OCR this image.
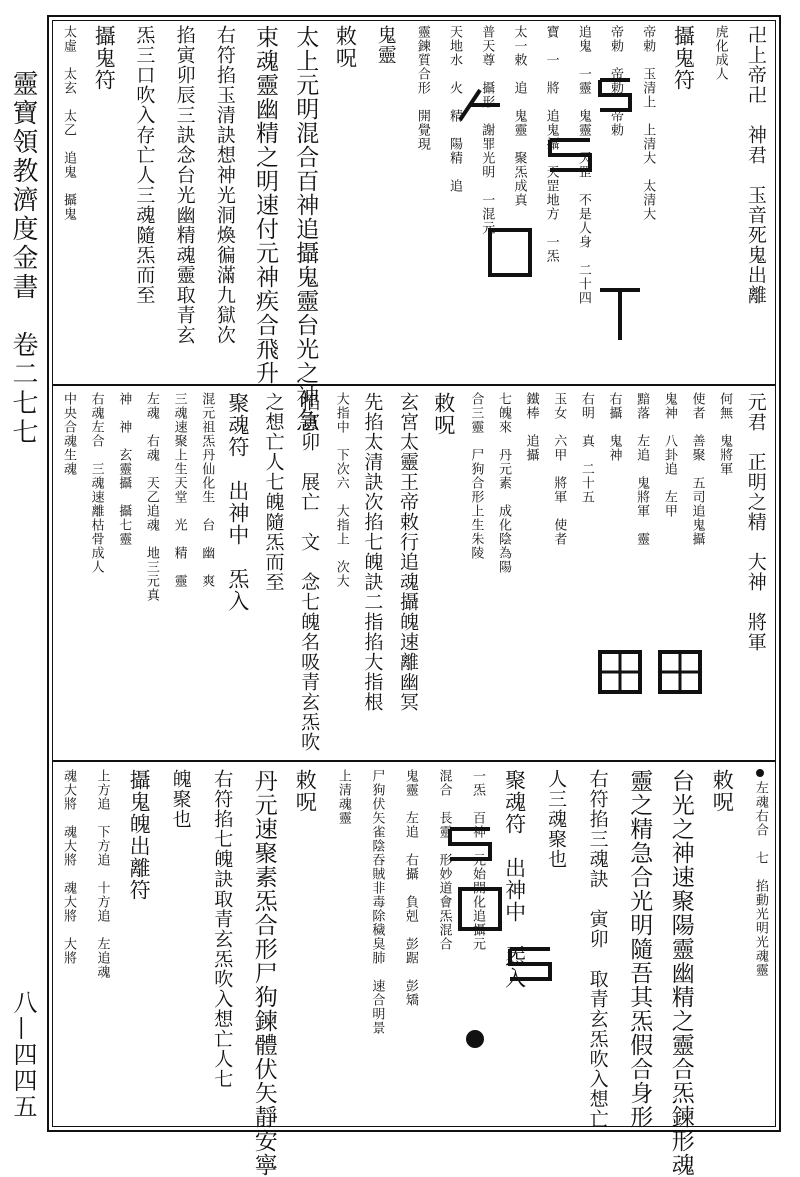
靈寶領教濟度金書　卷二七七
八—四四五
卍上帝卍　神君　玉音死鬼出離
虎化成人
攝鬼符
帝勅　玉清上　上清大　太清大
帝勅　帝勅　帝勅
追鬼　一靈　鬼靈　天罡　不是人身　二十四
寶　一　將　追鬼攝　天罡地方　一炁
太一敕　追　鬼靈　聚炁成真
普天尊　攝形　謝罪光明　一混元
天地水　火　精　陽精　追
靈鍊質合形　開覺現
鬼靈
敕呪
太上元明混合百神追攝鬼靈台光之神急
束魂靈幽精之明速付元神疾合飛升
右符掐玉清訣想神光洞煥徧滿九獄次
掐寅卯辰三訣念台光幽精魂靈取青玄
炁三口吹入存亡人三魂隨炁而至
攝鬼符
太虛　太玄　太乙　追鬼　攝鬼
元君　正明之精　大神　將軍
何無　鬼將軍
使者　善聚　五司追鬼攝
鬼神　八卦追　左甲
黯落　左追　鬼將軍　靈
右攝　鬼神
右明　真　二十五
玉女　六甲　將軍　使者
鐵棒　追攝
七魄來　丹元素　成化陰為陽
合三靈　尸狗合形上生朱陵
敕呪
玄宮太靈王帝敕行追魂攝魄速離幽冥
先掐太清訣次掐七魄訣二指掐大指根
大指中　下次六　大指上　次大
掐寅卯　展亡　文　念七魄名吸青玄炁吹
之想亡人七魄隨炁而至
聚魂符　出神中　炁入
混元祖炁丹仙化生　台　幽　爽
三魂速聚上生天堂　光　精　靈
左魂　右魂　天乙追魂　地三元真
神　神　玄靈攝　攝七靈
右魂左合　三魂速離枯骨成人
中央合魂生魂
左魂右合　七　掐動光明光魂靈
敕呪
台光之神速聚陽靈幽精之靈合炁鍊形魂
靈之精急合光明隨吾其炁假合身形
右符掐三魂訣　寅卯　取青玄炁吹入想亡
人三魂聚也
聚魂符　出神中　炁入
一炁　百神　元始開化追攝元
混合　長靈　形妙道會炁混合
鬼靈　左追　右攝　負剋　彭踞　彭矯
尸狗伏矢雀陰吞賊非毒除穢臭肺　速合明景
上清魂靈
敕呪
丹元速聚素炁合形尸狗鍊體伏矢靜安寧
右符掐七魄訣取青玄炁吹入想亡人七
魄聚也
攝鬼魄出離符
上方追　下方追　十方追　左追魂
魂大將　魂大將　魂大將　大將
